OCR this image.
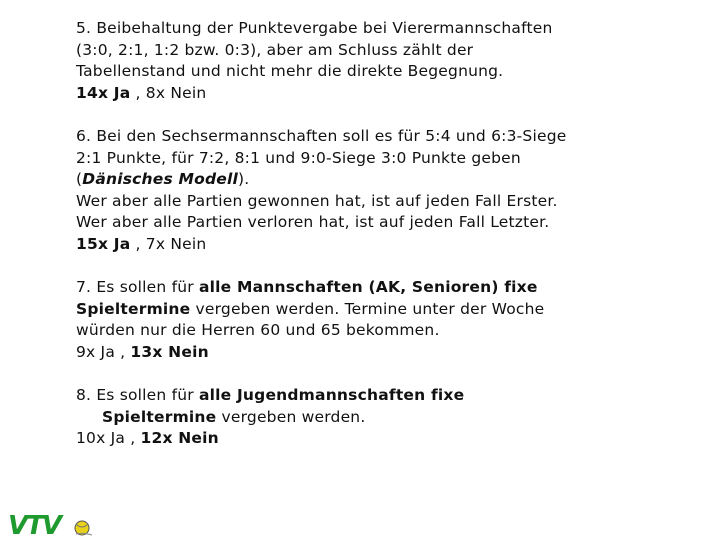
5. Beibehaltung der Punktevergabe bei Vierermannschaften

(3:0, 2:1, 1:2 bzw. 0:3), aber am Schluss zählt der

Tabellenstand und nicht mehr die direkte Begegnung.

14x Ja , 8x Nein

6. Bei den Sechsermannschaften soll es für 5:4 und 6:3-Siege

2:1 Punkte, für 7:2, 8:1 und 9:0-Siege 3:0 Punkte geben

(Dänisches Modell).

Wer aber alle Partien gewonnen hat, ist auf jeden Fall Erster.

Wer aber alle Partien verloren hat, ist auf jeden Fall Letzter.

15x Ja , 7x Nein

7. Es sollen für alle Mannschaften (AK, Senioren) fixe

Spieltermine vergeben werden. Termine unter der Woche

würden nur die Herren 60 und 65 bekommen.

9x Ja , 13x Nein

8. Es sollen für alle Jugendmannschaften fixe

Spieltermine vergeben werden.

10x Ja , 12x Nein

VTV
